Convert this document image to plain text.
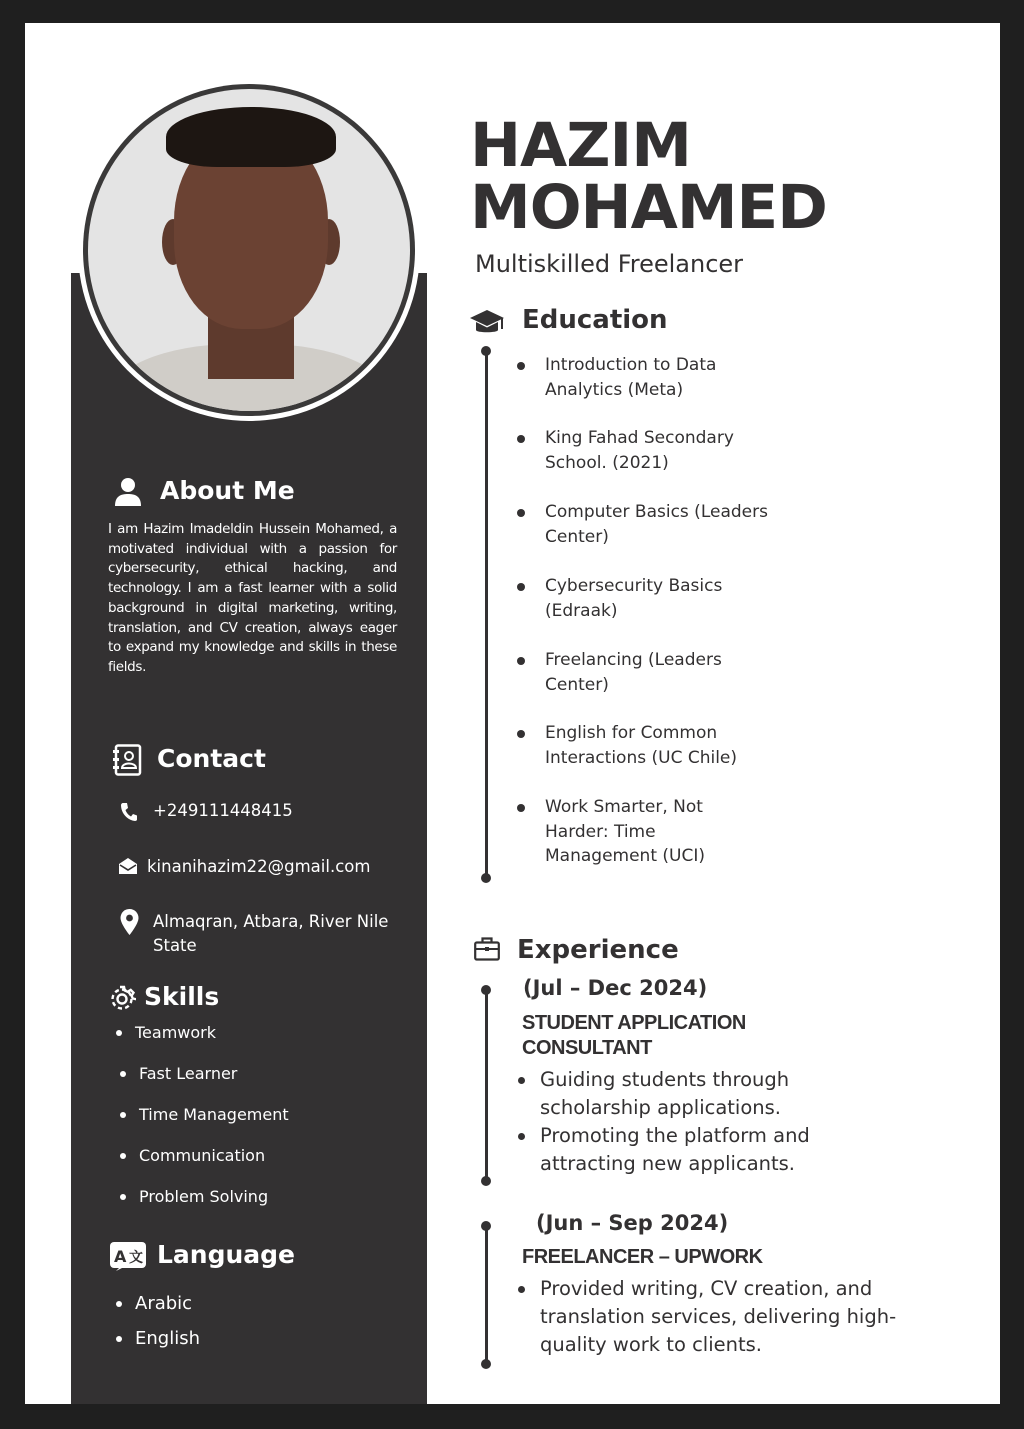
About Me
I am Hazim Imadeldin Hussein Mohamed, a motivated individual with a passion for cybersecurity, ethical hacking, and technology. I am a fast learner with a solid background in digital marketing, writing, translation, and CV creation, always eager to expand my knowledge and skills in these fields.
Contact
+249111448415
kinanihazim22@gmail.com
Almaqran, Atbara, River Nile State
Skills
Teamwork
Fast Learner
Time Management
Communication
Problem Solving
A 文 Language
Arabic
English
HAZIM
MOHAMED
Multiskilled Freelancer
Education
Introduction to Data Analytics (Meta)
King Fahad Secondary School. (2021)
Computer Basics (Leaders Center)
Cybersecurity Basics (Edraak)
Freelancing (Leaders Center)
English for Common Interactions (UC Chile)
Work Smarter, Not Harder: Time Management (UCI)
Experience
(Jul – Dec 2024)
STUDENT APPLICATION CONSULTANT
Guiding students through scholarship applications.
Promoting the platform and attracting new applicants.
(Jun – Sep 2024)
FREELANCER – UPWORK
Provided writing, CV creation, and translation services, delivering high-quality work to clients.
